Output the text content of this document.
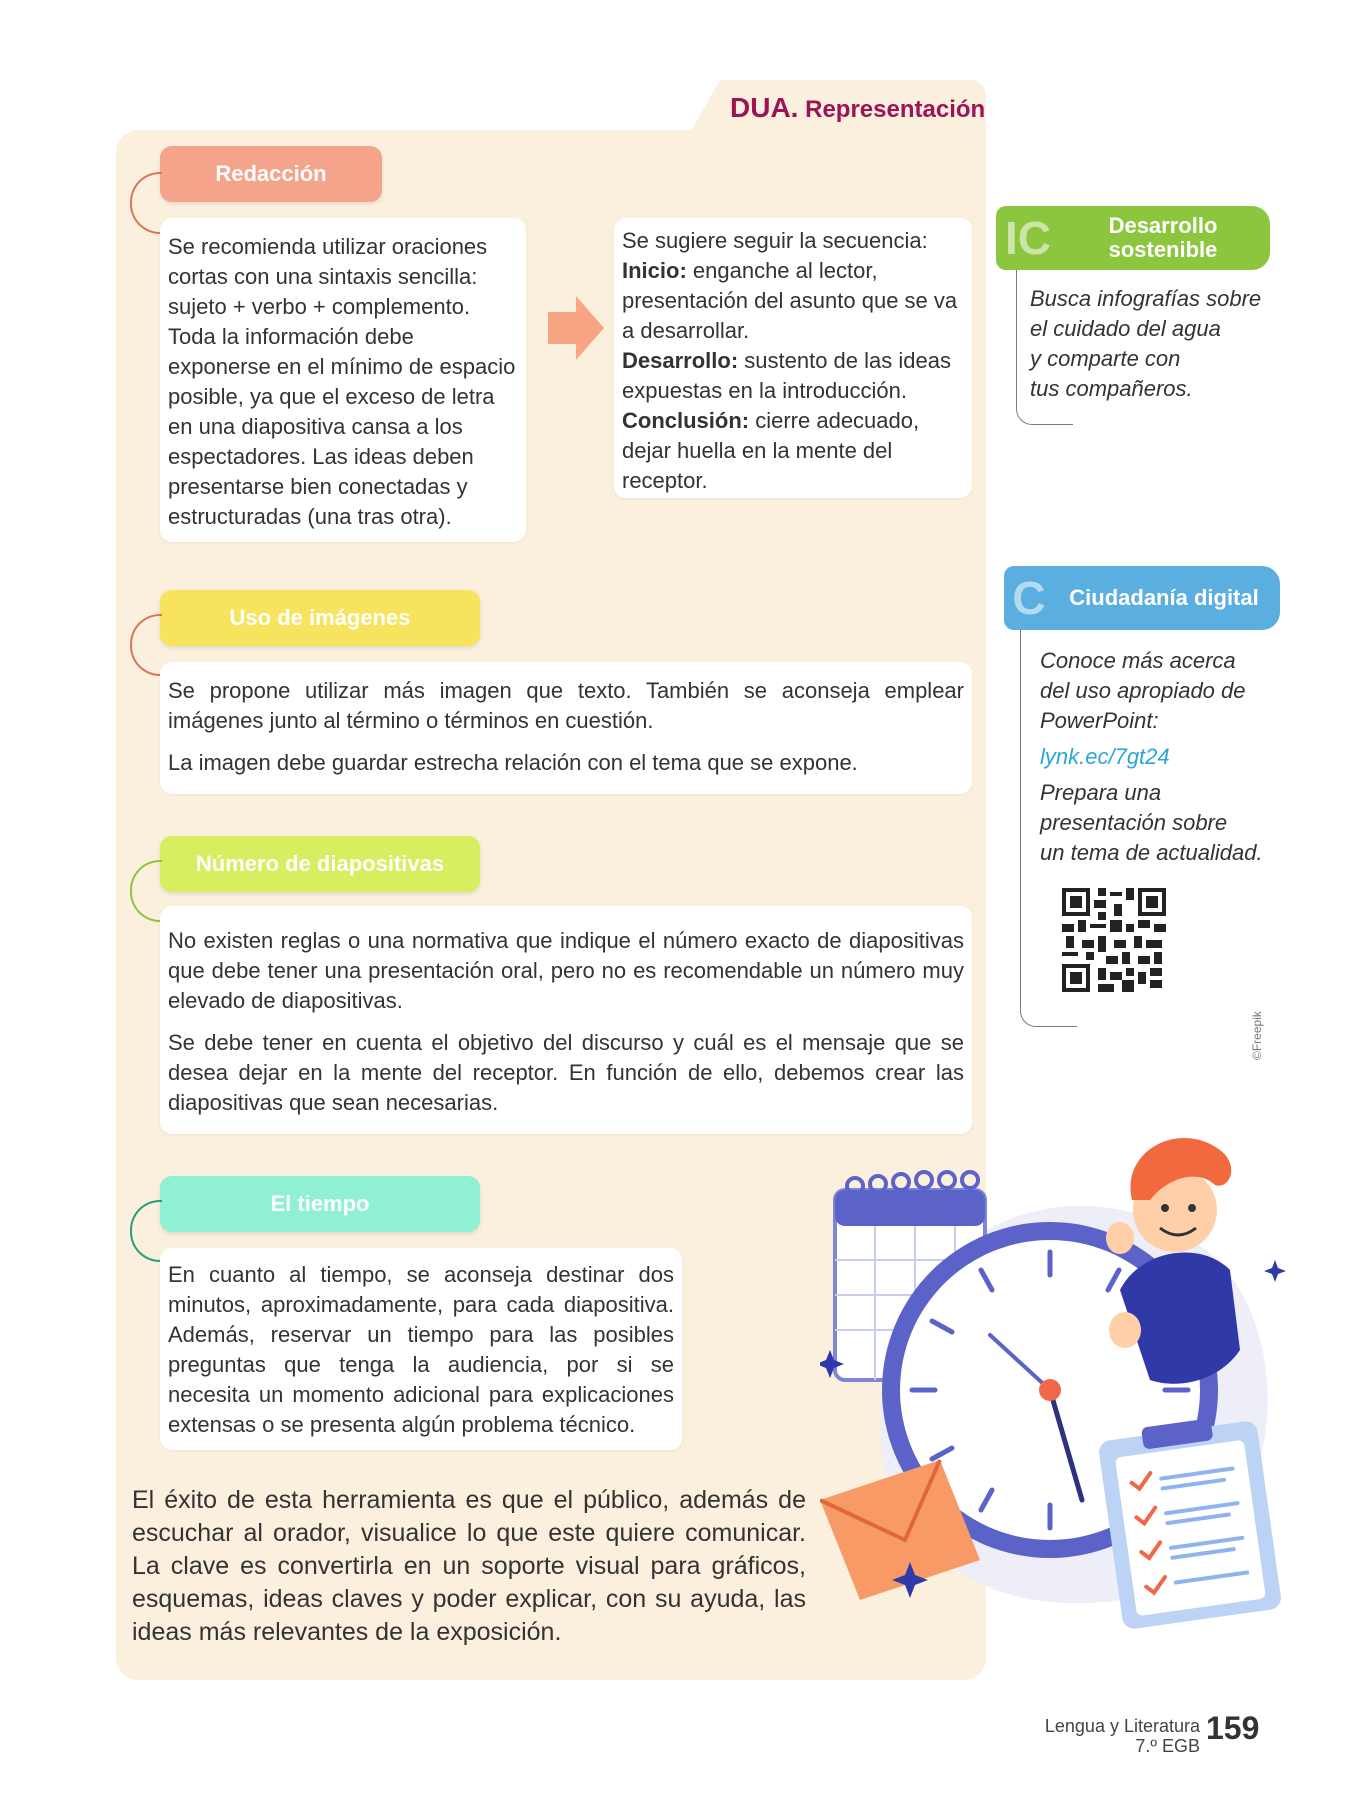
DUA. Representación
Redacción

Se recomienda utilizar oraciones cortas con una sintaxis sencilla: sujeto + verbo + complemento. Toda la información debe exponerse en el mínimo de espacio posible, ya que el exceso de letra en una diapositiva cansa a los espectadores. Las ideas deben presentarse bien conectadas y estructuradas (una tras otra).

Se sugiere seguir la secuencia:

Inicio: enganche al lector, presentación del asunto que se va a desarrollar.

Desarrollo: sustento de las ideas expuestas en la introducción.

Conclusión: cierre adecuado, dejar huella en la mente del receptor.

Uso de imágenes

Se propone utilizar más imagen que texto. También se aconseja emplear imágenes junto al término o términos en cuestión.

La imagen debe guardar estrecha relación con el tema que se expone.

Número de diapositivas

No existen reglas o una normativa que indique el número exacto de diapositivas que debe tener una presentación oral, pero no es recomendable un número muy elevado de diapositivas.

Se debe tener en cuenta el objetivo del discurso y cuál es el mensaje que se desea dejar en la mente del receptor. En función de ello, debemos crear las diapositivas que sean necesarias.

El tiempo

En cuanto al tiempo, se aconseja destinar dos minutos, aproximadamente, para cada diapositiva. Además, reservar un tiempo para las posibles preguntas que tenga la audiencia, por si se necesita un momento adicional para explicaciones extensas o se presenta algún problema técnico.

El éxito de esta herramienta es que el público, además de escuchar al orador, visualice lo que este quiere comunicar. La clave es convertirla en un soporte visual para gráficos, esquemas, ideas claves y poder explicar, con su ayuda, las ideas más relevantes de la exposición.
IC	Desarrollo
sostenible
Busca infografías sobre
el cuidado del agua
y comparte con
tus compañeros.
C	Ciudadanía digital
Conoce más acerca
del uso apropiado de
PowerPoint:
lynk.ec/7gt24
Prepara una
presentación sobre
un tema de actualidad.
©Freepik
Lengua y Literatura
7.º EGB 159
